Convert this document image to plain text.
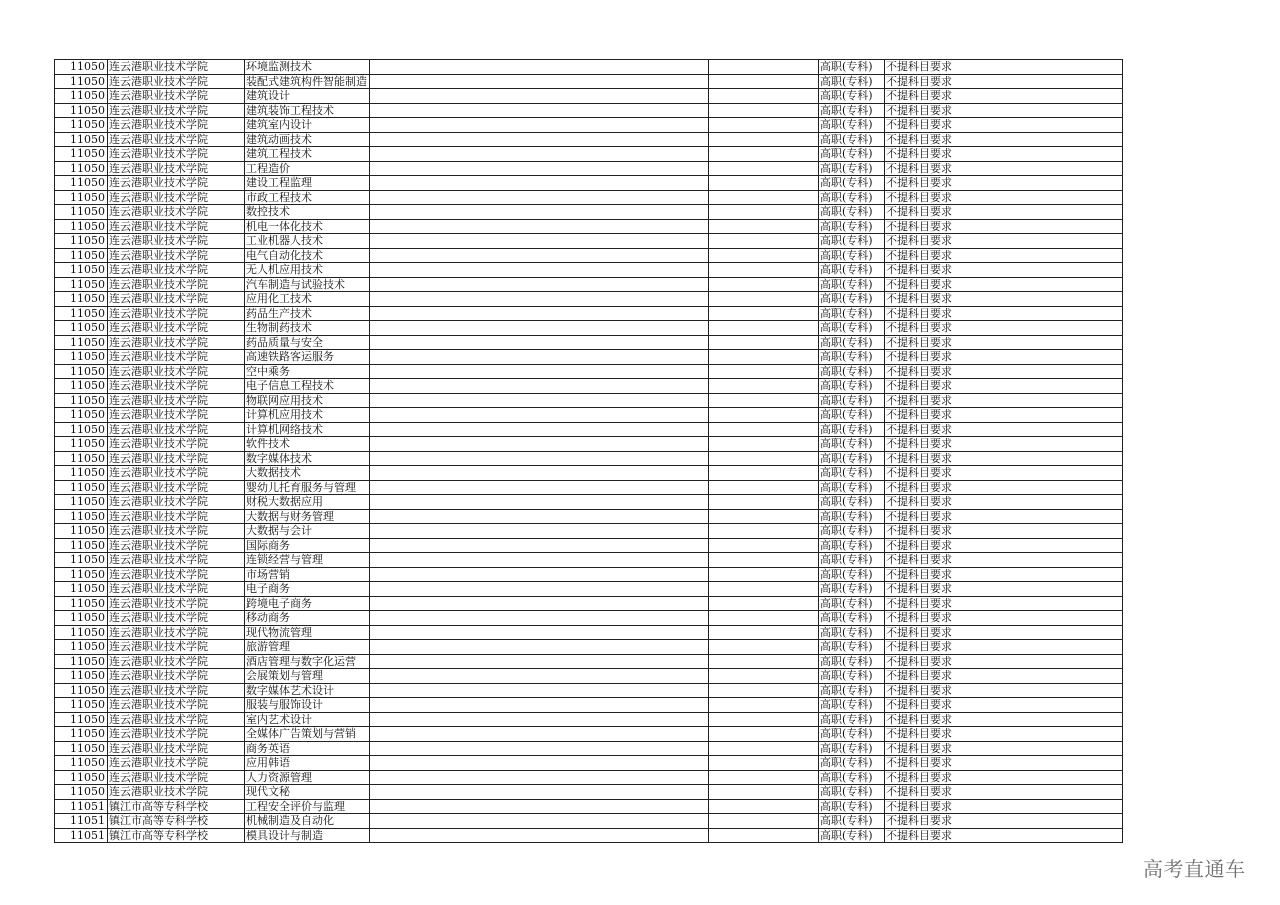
11050	连云港职业技术学院	环境监测技术			高职(专科)	不提科目要求
11050	连云港职业技术学院	装配式建筑构件智能制造			高职(专科)	不提科目要求
11050	连云港职业技术学院	建筑设计			高职(专科)	不提科目要求
11050	连云港职业技术学院	建筑装饰工程技术			高职(专科)	不提科目要求
11050	连云港职业技术学院	建筑室内设计			高职(专科)	不提科目要求
11050	连云港职业技术学院	建筑动画技术			高职(专科)	不提科目要求
11050	连云港职业技术学院	建筑工程技术			高职(专科)	不提科目要求
11050	连云港职业技术学院	工程造价			高职(专科)	不提科目要求
11050	连云港职业技术学院	建设工程监理			高职(专科)	不提科目要求
11050	连云港职业技术学院	市政工程技术			高职(专科)	不提科目要求
11050	连云港职业技术学院	数控技术			高职(专科)	不提科目要求
11050	连云港职业技术学院	机电一体化技术			高职(专科)	不提科目要求
11050	连云港职业技术学院	工业机器人技术			高职(专科)	不提科目要求
11050	连云港职业技术学院	电气自动化技术			高职(专科)	不提科目要求
11050	连云港职业技术学院	无人机应用技术			高职(专科)	不提科目要求
11050	连云港职业技术学院	汽车制造与试验技术			高职(专科)	不提科目要求
11050	连云港职业技术学院	应用化工技术			高职(专科)	不提科目要求
11050	连云港职业技术学院	药品生产技术			高职(专科)	不提科目要求
11050	连云港职业技术学院	生物制药技术			高职(专科)	不提科目要求
11050	连云港职业技术学院	药品质量与安全			高职(专科)	不提科目要求
11050	连云港职业技术学院	高速铁路客运服务			高职(专科)	不提科目要求
11050	连云港职业技术学院	空中乘务			高职(专科)	不提科目要求
11050	连云港职业技术学院	电子信息工程技术			高职(专科)	不提科目要求
11050	连云港职业技术学院	物联网应用技术			高职(专科)	不提科目要求
11050	连云港职业技术学院	计算机应用技术			高职(专科)	不提科目要求
11050	连云港职业技术学院	计算机网络技术			高职(专科)	不提科目要求
11050	连云港职业技术学院	软件技术			高职(专科)	不提科目要求
11050	连云港职业技术学院	数字媒体技术			高职(专科)	不提科目要求
11050	连云港职业技术学院	大数据技术			高职(专科)	不提科目要求
11050	连云港职业技术学院	婴幼儿托育服务与管理			高职(专科)	不提科目要求
11050	连云港职业技术学院	财税大数据应用			高职(专科)	不提科目要求
11050	连云港职业技术学院	大数据与财务管理			高职(专科)	不提科目要求
11050	连云港职业技术学院	大数据与会计			高职(专科)	不提科目要求
11050	连云港职业技术学院	国际商务			高职(专科)	不提科目要求
11050	连云港职业技术学院	连锁经营与管理			高职(专科)	不提科目要求
11050	连云港职业技术学院	市场营销			高职(专科)	不提科目要求
11050	连云港职业技术学院	电子商务			高职(专科)	不提科目要求
11050	连云港职业技术学院	跨境电子商务			高职(专科)	不提科目要求
11050	连云港职业技术学院	移动商务			高职(专科)	不提科目要求
11050	连云港职业技术学院	现代物流管理			高职(专科)	不提科目要求
11050	连云港职业技术学院	旅游管理			高职(专科)	不提科目要求
11050	连云港职业技术学院	酒店管理与数字化运营			高职(专科)	不提科目要求
11050	连云港职业技术学院	会展策划与管理			高职(专科)	不提科目要求
11050	连云港职业技术学院	数字媒体艺术设计			高职(专科)	不提科目要求
11050	连云港职业技术学院	服装与服饰设计			高职(专科)	不提科目要求
11050	连云港职业技术学院	室内艺术设计			高职(专科)	不提科目要求
11050	连云港职业技术学院	全媒体广告策划与营销			高职(专科)	不提科目要求
11050	连云港职业技术学院	商务英语			高职(专科)	不提科目要求
11050	连云港职业技术学院	应用韩语			高职(专科)	不提科目要求
11050	连云港职业技术学院	人力资源管理			高职(专科)	不提科目要求
11050	连云港职业技术学院	现代文秘			高职(专科)	不提科目要求
11051	镇江市高等专科学校	工程安全评价与监理			高职(专科)	不提科目要求
11051	镇江市高等专科学校	机械制造及自动化			高职(专科)	不提科目要求
11051	镇江市高等专科学校	模具设计与制造			高职(专科)	不提科目要求
高考直通车
